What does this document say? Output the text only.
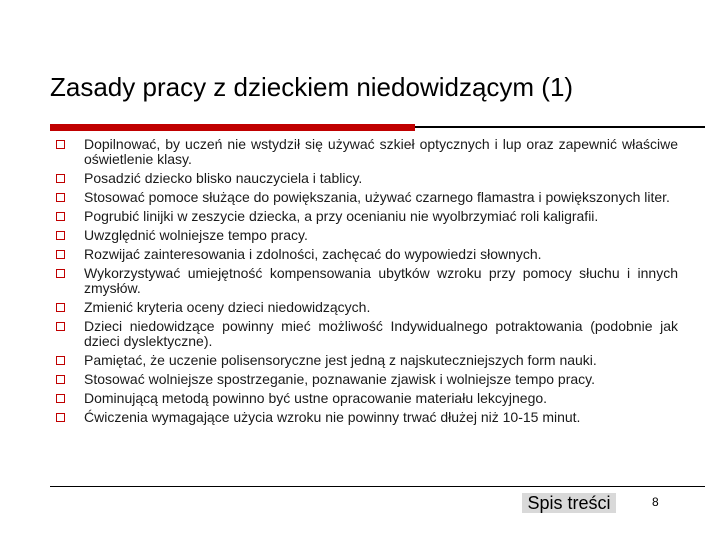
Zasady pracy z dzieckiem niedowidzącym (1)
Dopilnować, by uczeń nie wstydził się używać szkieł optycznych i lup oraz zapewnić właściwe oświetlenie klasy.
Posadzić dziecko blisko nauczyciela i tablicy.
Stosować pomoce służące do powiększania, używać czarnego flamastra i powiększonych liter.
Pogrubić linijki w zeszycie dziecka, a przy ocenianiu nie wyolbrzymiać roli kaligrafii.
Uwzględnić wolniejsze tempo pracy.
Rozwijać zainteresowania i zdolności, zachęcać do wypowiedzi słownych.
Wykorzystywać umiejętność kompensowania ubytków wzroku przy pomocy słuchu i innych zmysłów.
Zmienić kryteria oceny dzieci niedowidzących.
Dzieci niedowidzące powinny mieć możliwość Indywidualnego potraktowania (podobnie jak dzieci dyslektyczne).
Pamiętać, że uczenie polisensoryczne jest jedną z najskuteczniejszych form nauki.
Stosować wolniejsze spostrzeganie, poznawanie zjawisk i wolniejsze tempo pracy.
Dominującą metodą powinno być ustne opracowanie materiału lekcyjnego.
Ćwiczenia wymagające użycia wzroku nie powinny trwać dłużej niż 10-15 minut.
Spis treści	8
